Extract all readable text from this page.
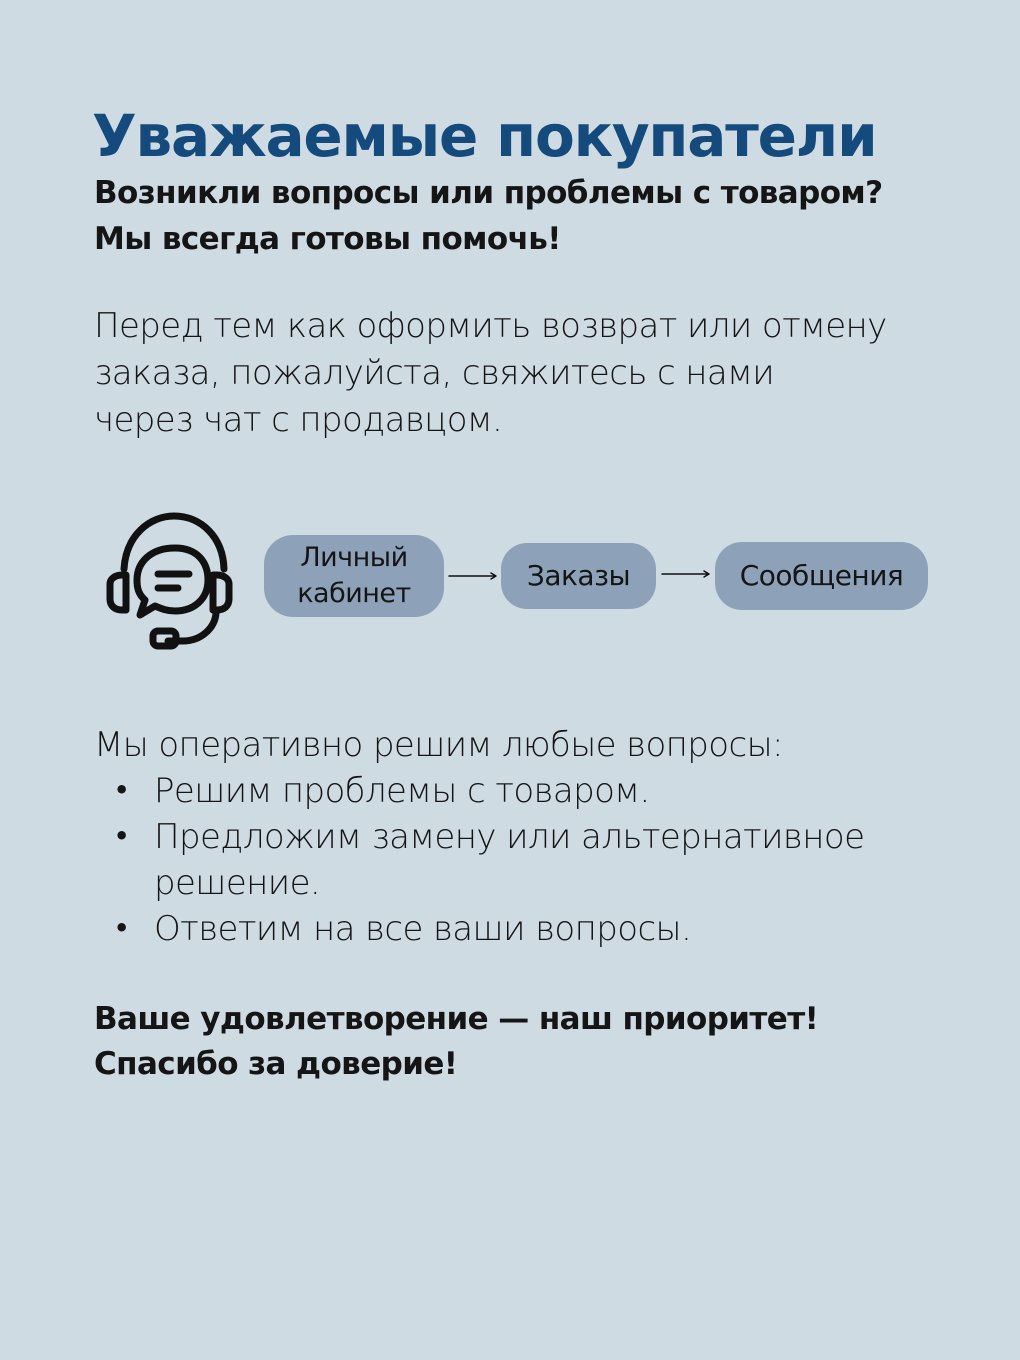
Уважаемые покупатели
Возникли вопросы или проблемы с товаром?
Мы всегда готовы помочь!
Перед тем как оформить возврат или отмену
заказа, пожалуйста, свяжитесь с нами
через чат с продавцом.
Личный
кабинет
Заказы	Сообщения
Мы оперативно решим любые вопросы:
• Решим проблемы с товаром.
• Предложим замену или альтернативное решение.
• Ответим на все ваши вопросы.
Ваше удовлетворение — наш приоритет!
Спасибо за доверие!
